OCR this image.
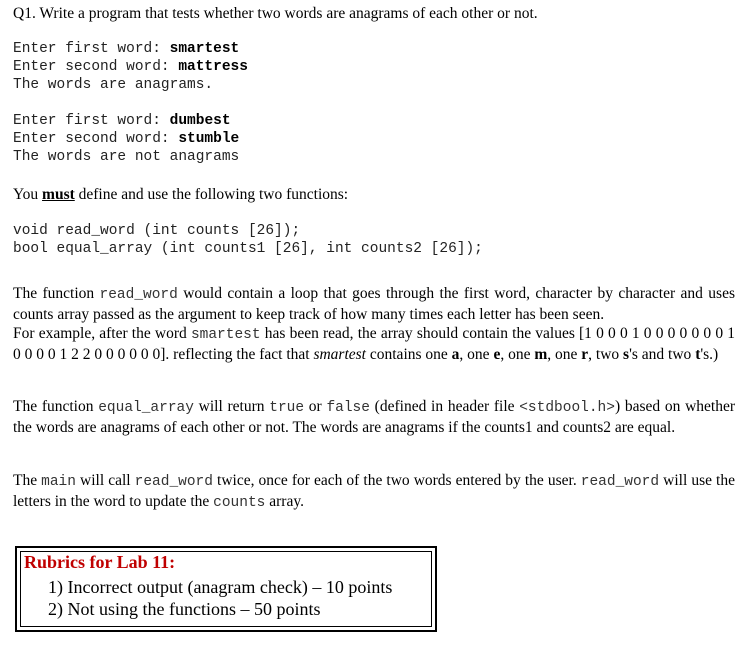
Q1. Write a program that tests whether two words are anagrams of each other or not.

Enter first word: smartest
Enter second word: mattress
The words are anagrams.
Enter first word: dumbest
Enter second word: stumble
The words are not anagrams

You must define and use the following two functions:

void read_word (int counts [26]);
bool equal_array (int counts1 [26], int counts2 [26]);

The function read_word would contain a loop that goes through the first word, character by character and uses counts array passed as the argument to keep track of how many times each letter has been seen.
For example, after the word smartest has been read, the array should contain the values [1 0 0 0 1 0 0 0 0 0 0 0 1 0 0 0 0 1 2 2 0 0 0 0 0 0]. reflecting the fact that smartest contains one a, one e, one m, one r, two s's and two t's.)

The function equal_array will return true or false (defined in header file <stdbool.h>) based on whether the words are anagrams of each other or not. The words are anagrams if the counts1 and counts2 are equal.

The main will call read_word twice, once for each of the two words entered by the user. read_word will use the letters in the word to update the counts array.

Rubrics for Lab 11:
1) Incorrect output (anagram check) – 10 points
2) Not using the functions – 50 points
